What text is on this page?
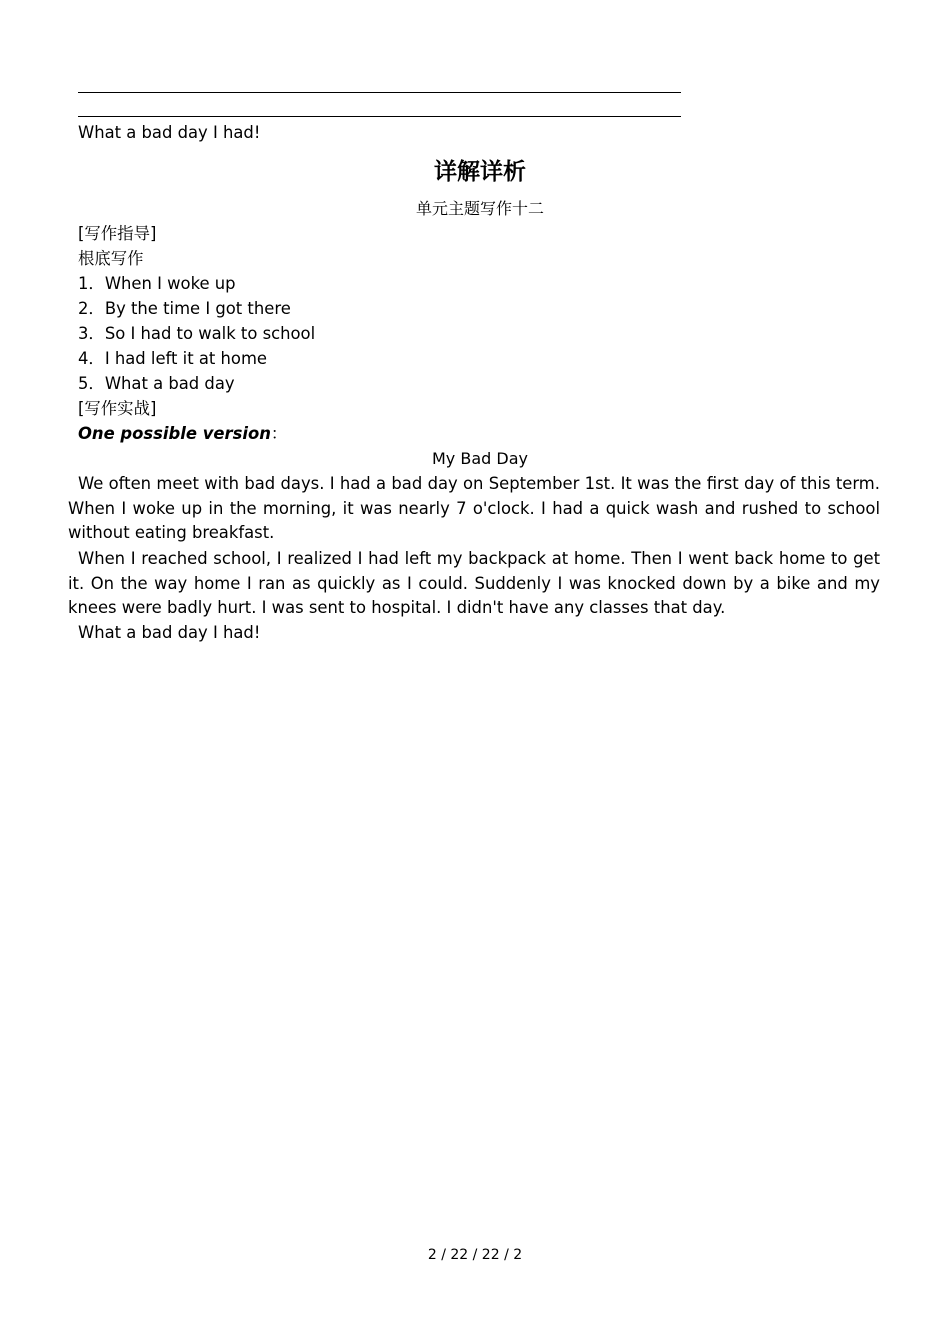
What a bad day I had!
详解详析
单元主题写作十二
[写作指导]
根底写作
1．When I woke up
2．By the time I got there
3．So I had to walk to school
4．I had left it at home
5．What a bad day
[写作实战]
One possible version：
My Bad Day
We often meet with bad days. I had a bad day on September 1st. It was the first day of this term. When I woke up in the morning, it was nearly 7 o'clock. I had a quick wash and rushed to school without eating breakfast.
When I reached school, I realized I had left my backpack at home. Then I went back home to get it. On the way home I ran as quickly as I could. Suddenly I was knocked down by a bike and my knees were badly hurt. I was sent to hospital. I didn't have any classes that day.
What a bad day I had!
2 / 22 / 22 / 2
